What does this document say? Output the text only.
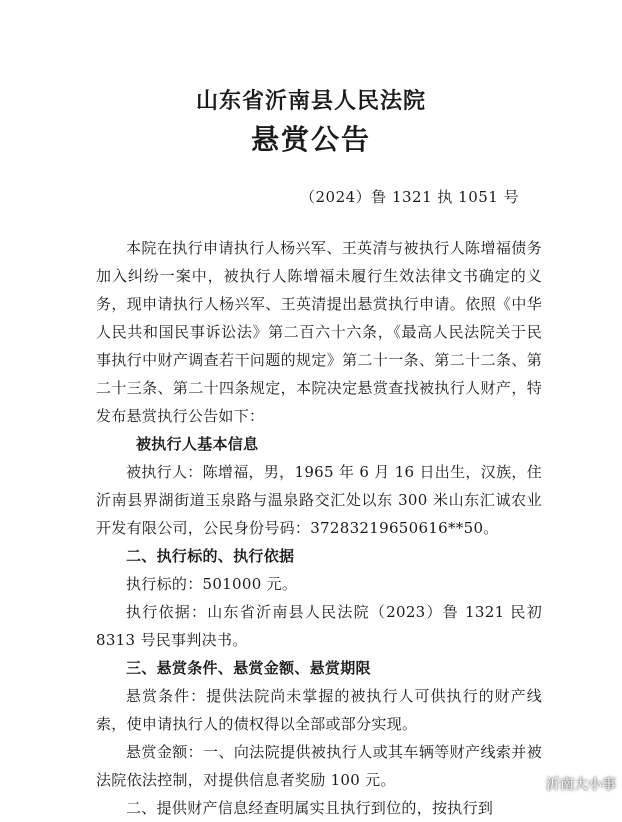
山东省沂南县人民法院
悬赏公告
（2024）鲁 1321 执 1051 号

本院在执行申请执行人杨兴军、王英清与被执行人陈增福债务加入纠纷一案中，被执行人陈增福未履行生效法律文书确定的义务，现申请执行人杨兴军、王英清提出悬赏执行申请。依照《中华人民共和国民事诉讼法》第二百六十六条，《最高人民法院关于民事执行中财产调查若干问题的规定》第二十一条、第二十二条、第二十三条、第二十四条规定，本院决定悬赏查找被执行人财产，特发布悬赏执行公告如下：

被执行人基本信息

被执行人：陈增福，男，1965 年 6 月 16 日出生，汉族，住沂南县界湖街道玉泉路与温泉路交汇处以东 300 米山东汇诚农业开发有限公司，公民身份号码：37283219650616**50。

二、执行标的、执行依据

执行标的：501000 元。

执行依据：山东省沂南县人民法院（2023）鲁 1321 民初 8313 号民事判决书。

三、悬赏条件、悬赏金额、悬赏期限

悬赏条件：提供法院尚未掌握的被执行人可供执行的财产线索，使申请执行人的债权得以全部或部分实现。

悬赏金额：一、向法院提供被执行人或其车辆等财产线索并被法院依法控制，对提供信息者奖励 100 元。

二、提供财产信息经查明属实且执行到位的，按执行到

沂南大小事
